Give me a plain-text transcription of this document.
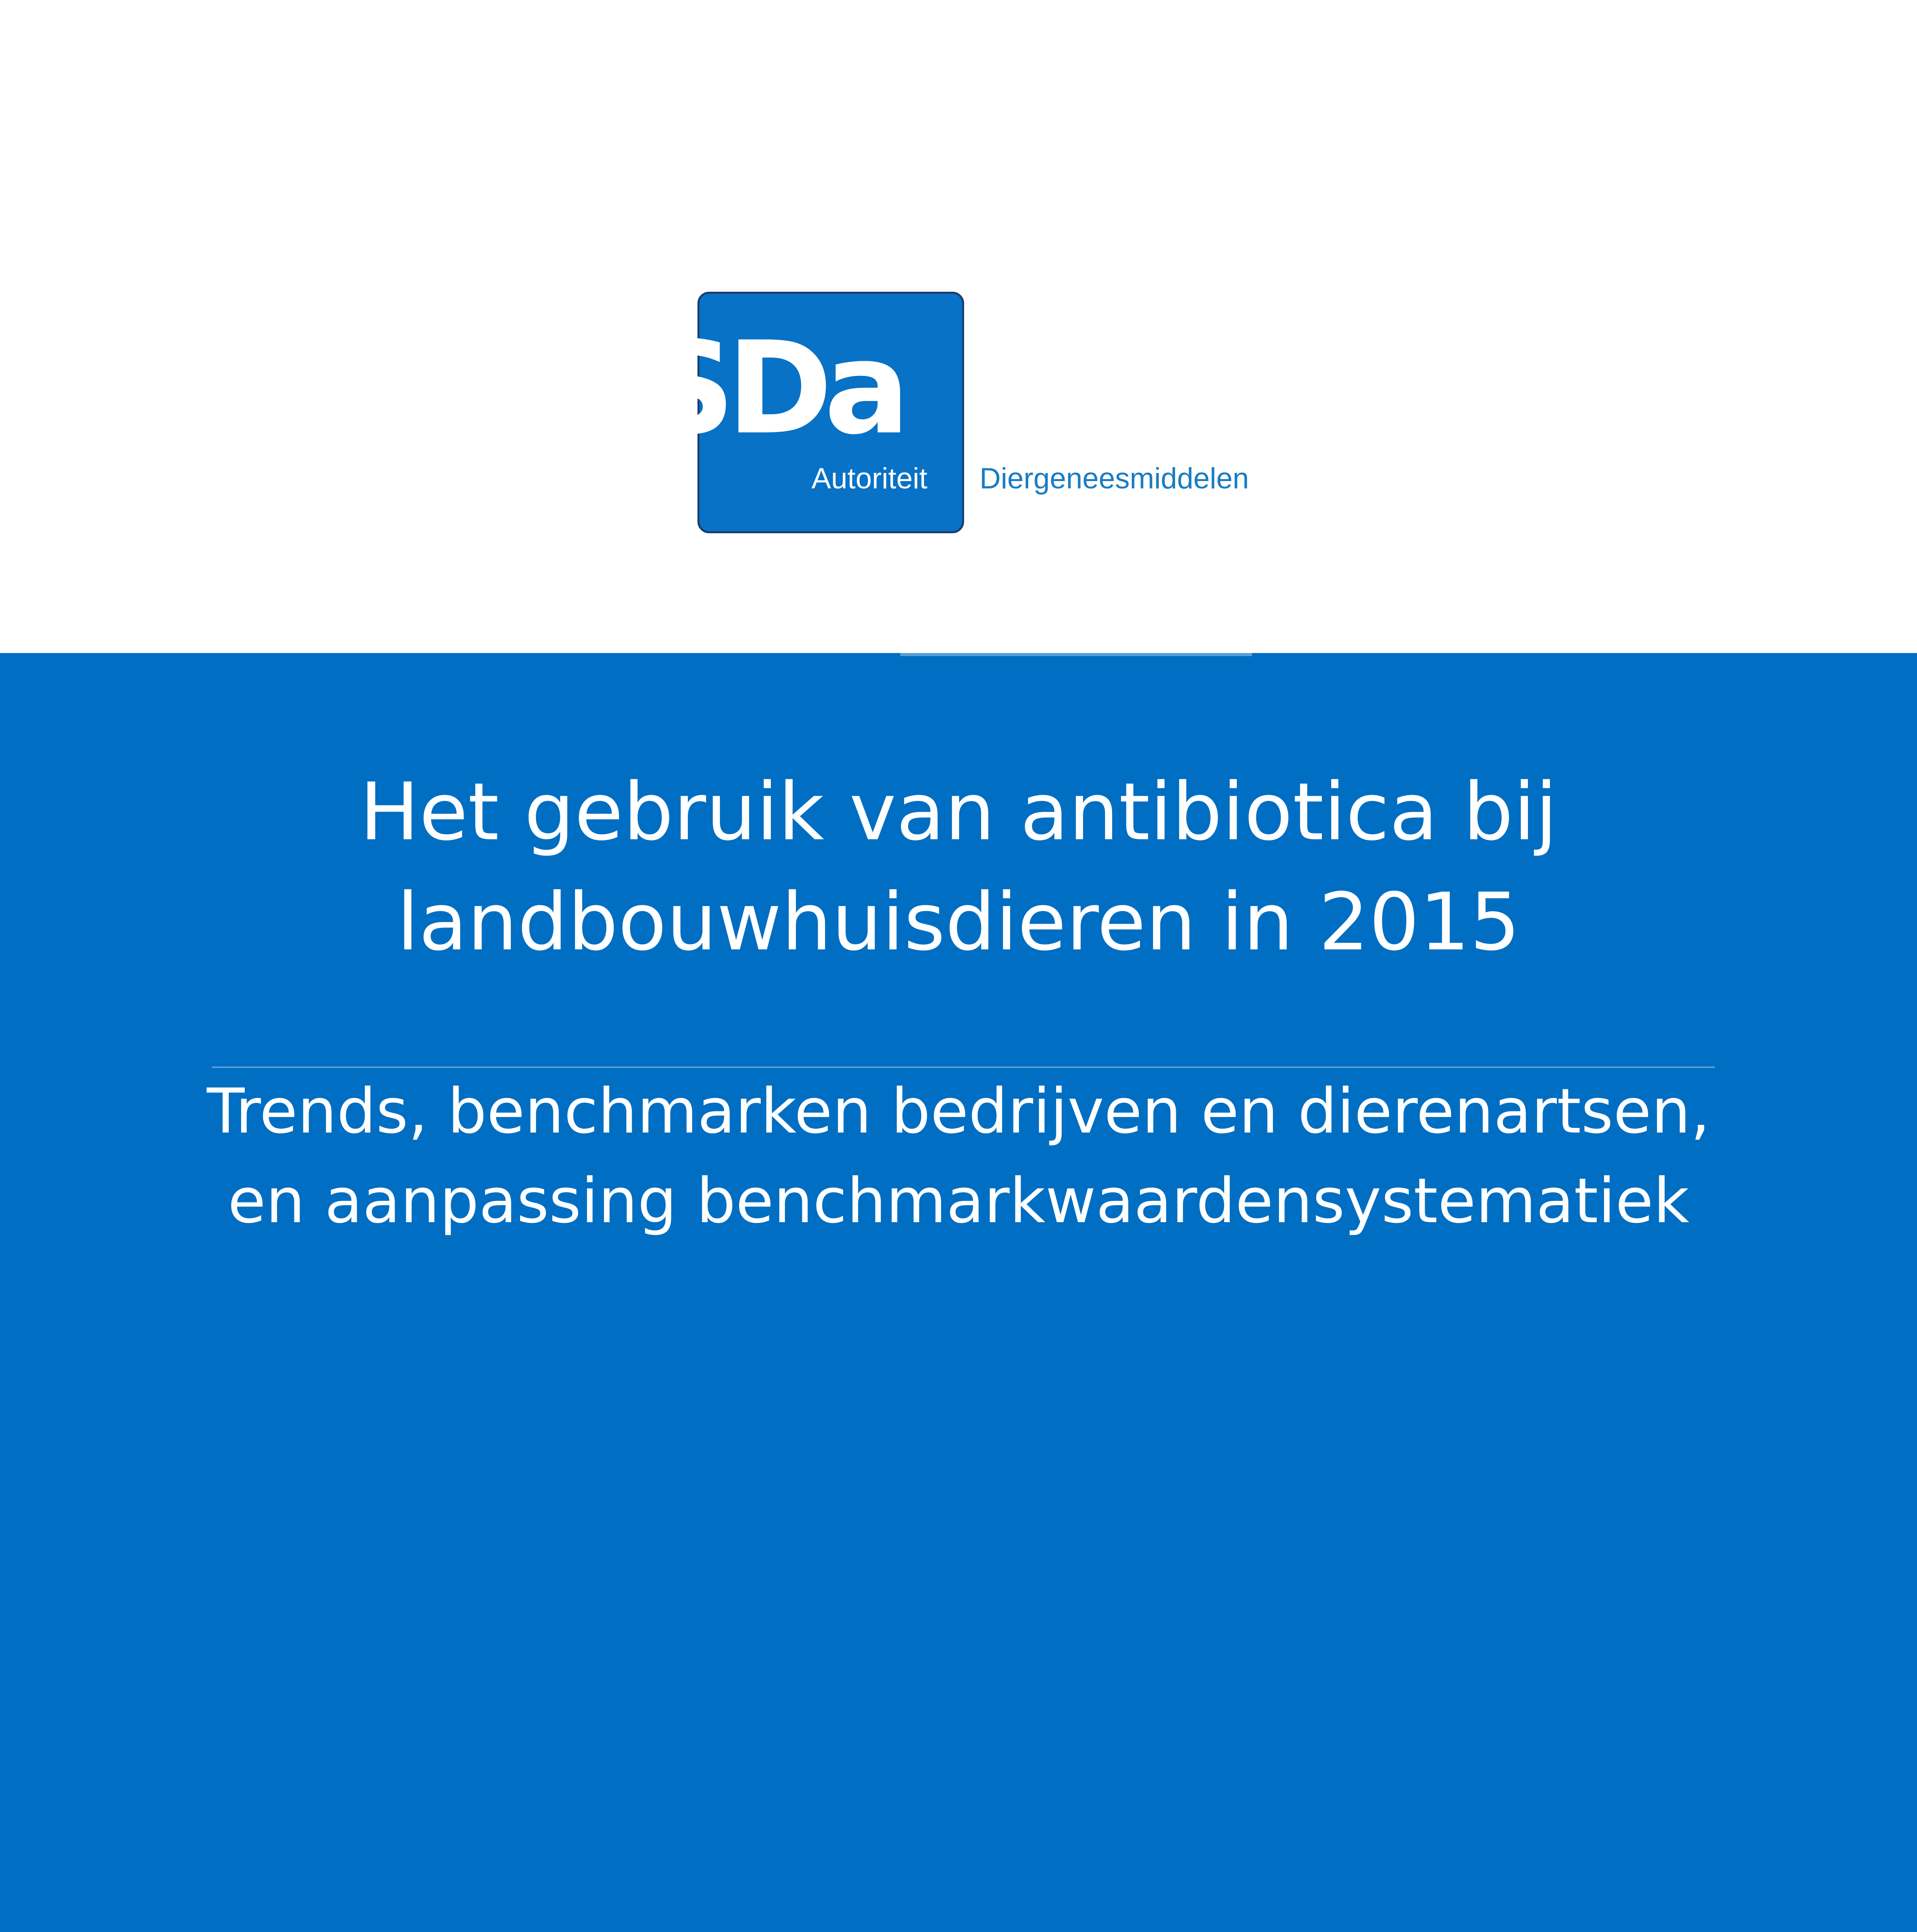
SDa
Autoriteit Diergeneesmiddelen
Het gebruik van antibiotica bij
landbouwhuisdieren in 2015
Trends, benchmarken bedrijven en dierenartsen,
en aanpassing benchmarkwaardensystematiek
